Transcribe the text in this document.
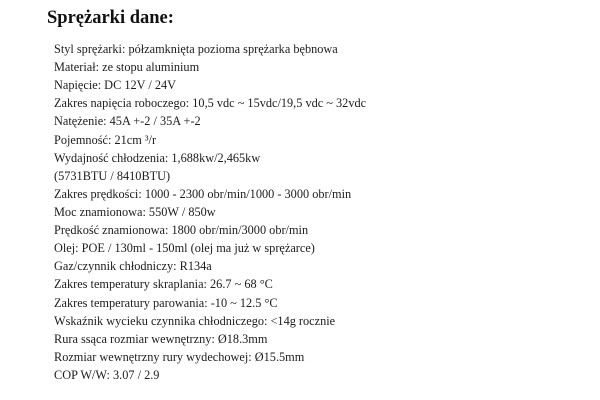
Sprężarki dane:
Styl sprężarki: półzamknięta pozioma sprężarka bębnowa
Materiał: ze stopu aluminium
Napięcie: DC 12V / 24V
Zakres napięcia roboczego: 10,5 vdc ~ 15vdc/19,5 vdc ~ 32vdc
Natężenie: 45A +-2 / 35A +-2
Pojemność: 21cm ³/r
Wydajność chłodzenia: 1,688kw/2,465kw
(5731BTU / 8410BTU)
Zakres prędkości: 1000 - 2300 obr/min/1000 - 3000 obr/min
Moc znamionowa: 550W / 850w
Prędkość znamionowa: 1800 obr/min/3000 obr/min
Olej: POE / 130ml - 150ml (olej ma już w sprężarce)
Gaz/czynnik chłodniczy: R134a
Zakres temperatury skraplania: 26.7 ~ 68 °C
Zakres temperatury parowania: -10 ~ 12.5 °C
Wskaźnik wycieku czynnika chłodniczego: <14g rocznie
Rura ssąca rozmiar wewnętrzny: Ø18.3mm
Rozmiar wewnętrzny rury wydechowej: Ø15.5mm
COP W/W: 3.07 / 2.9
